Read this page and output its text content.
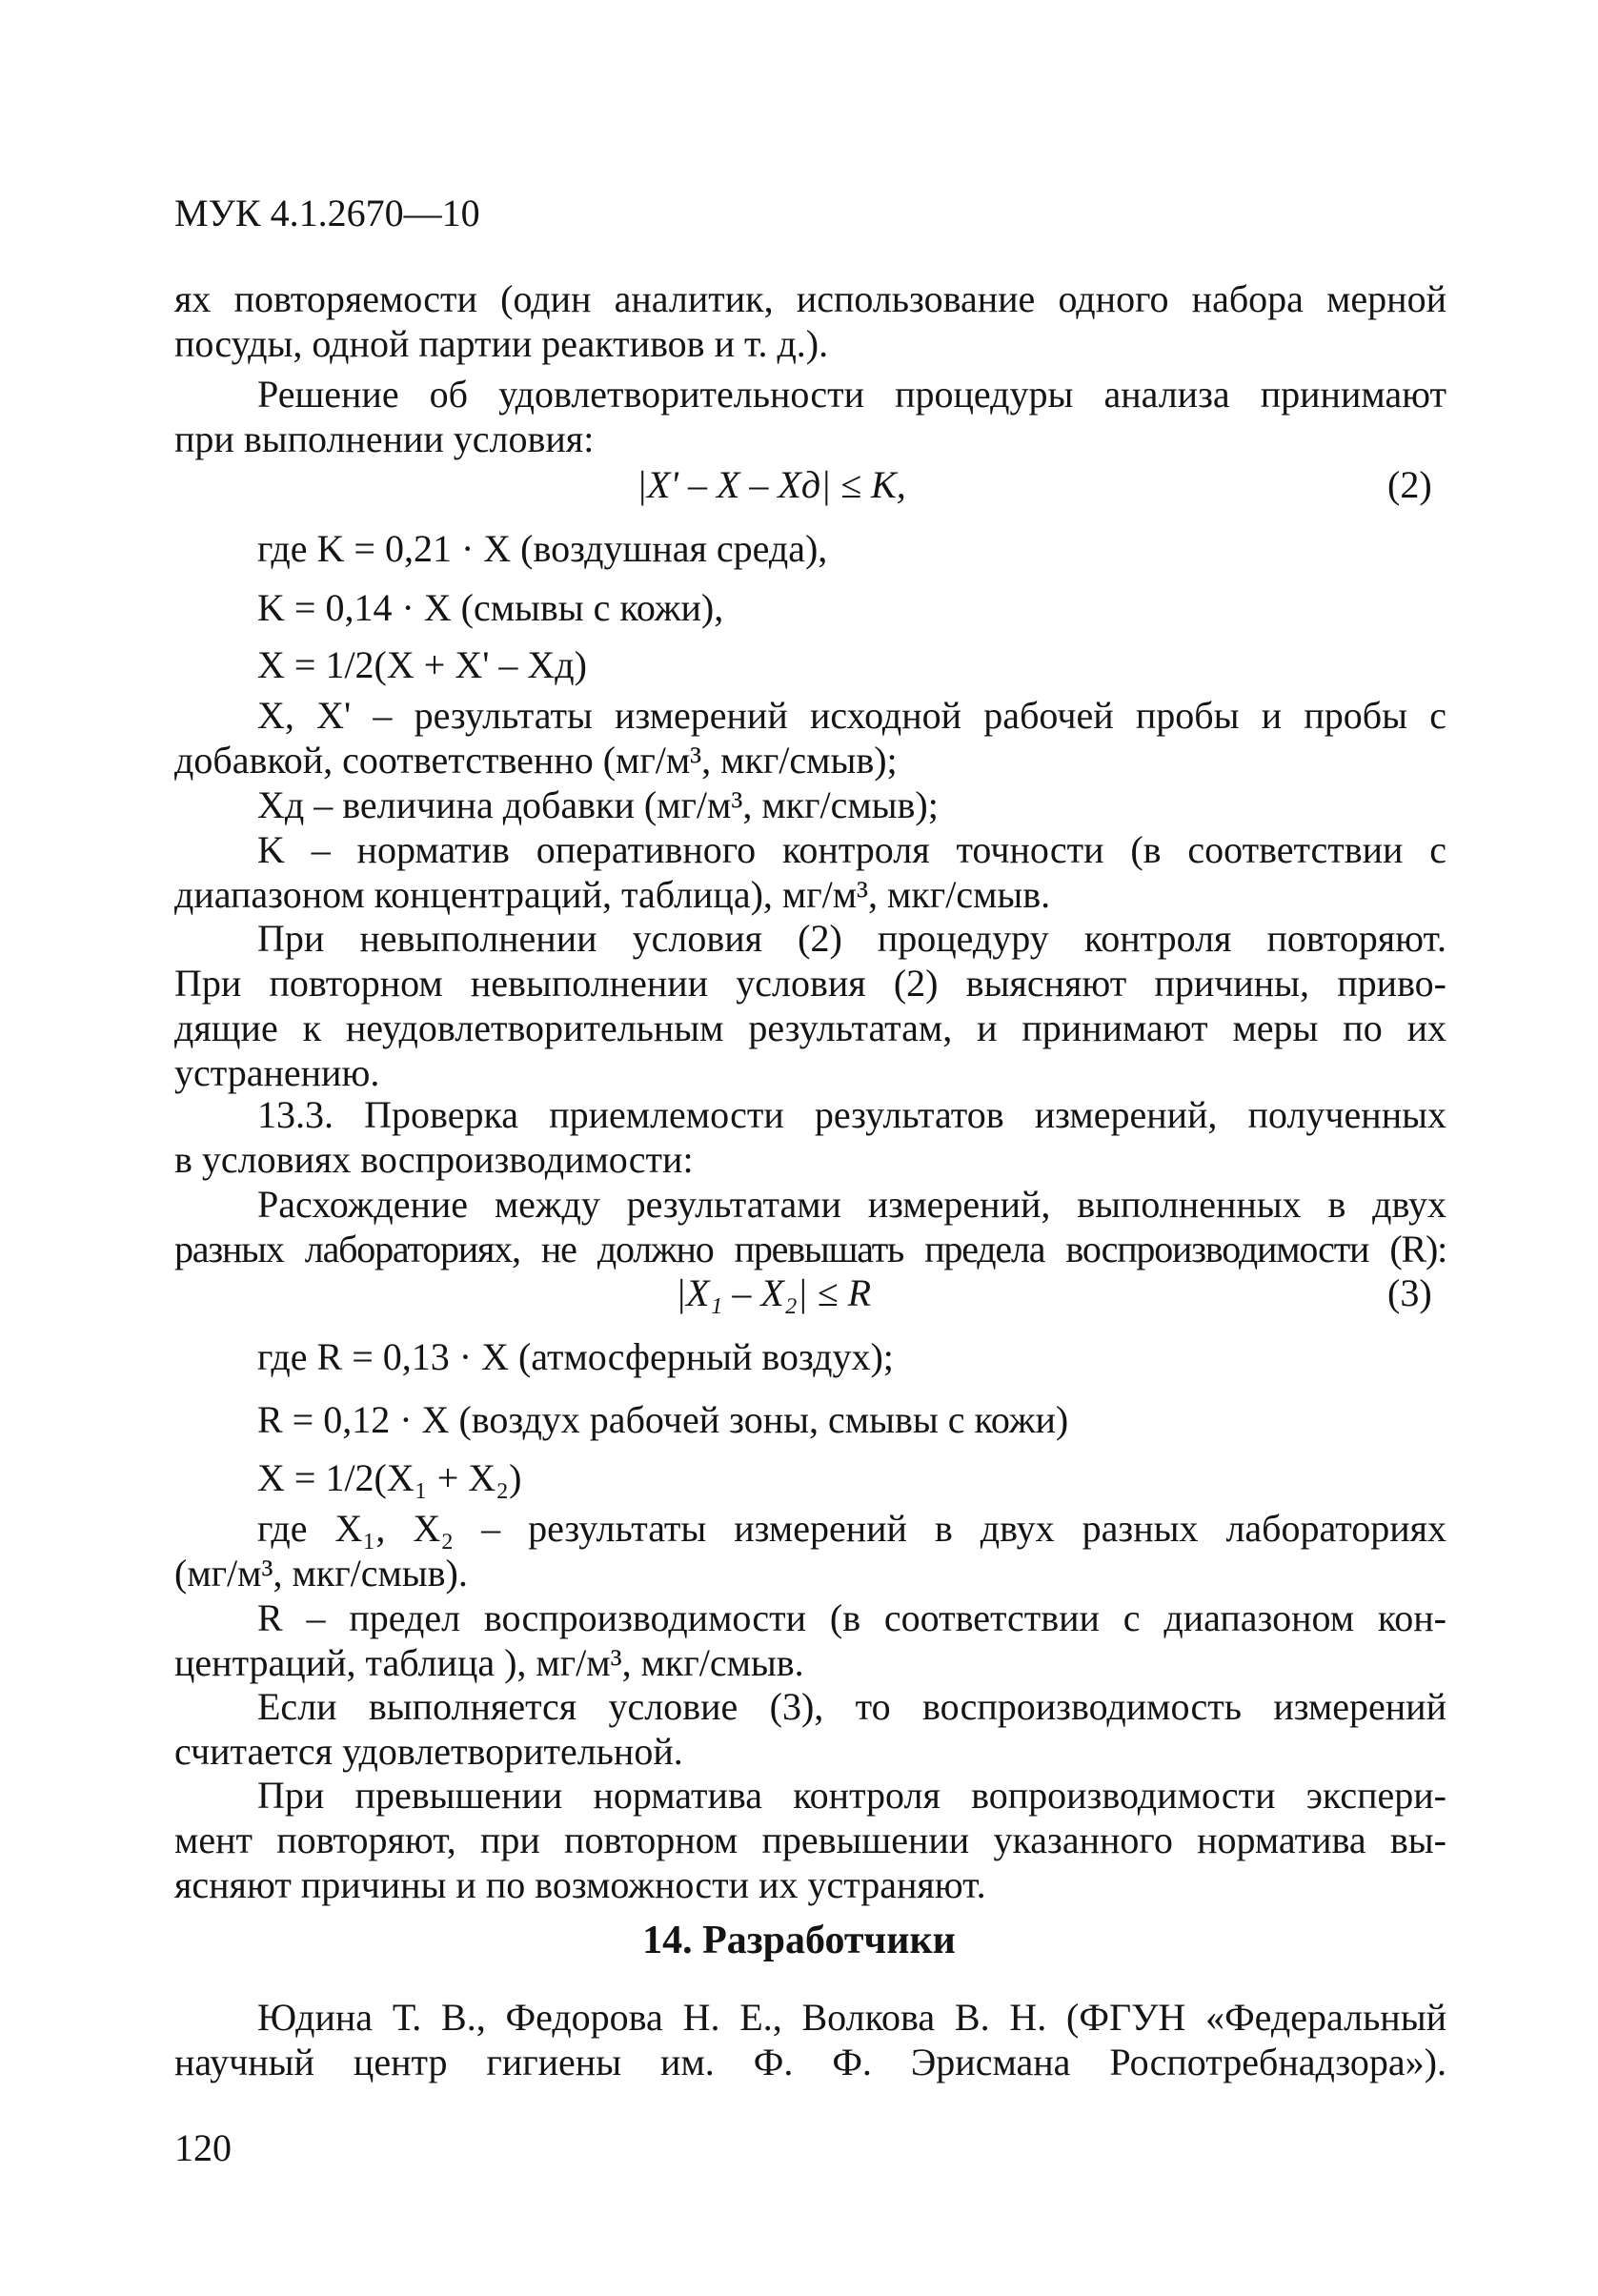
МУК 4.1.2670—10
ях повторяемости (один аналитик, использование одного набора мерной
посуды, одной партии реактивов и т. д.).
Решение об удовлетворительности процедуры анализа принимают
при выполнении условия:
|X' – X – Xд| ≤ K,	(2)
где K = 0,21 · X (воздушная среда),
K = 0,14 · X (смывы с кожи),
X = 1/2(X + X' – Xд)
X, X' – результаты измерений исходной рабочей пробы и пробы с
добавкой, соответственно (мг/м³, мкг/смыв);
Xд – величина добавки (мг/м³, мкг/смыв);
K – норматив оперативного контроля точности (в соответствии с
диапазоном концентраций, таблица), мг/м³, мкг/смыв.
При невыполнении условия (2) процедуру контроля повторяют.
При повторном невыполнении условия (2) выясняют причины, приво-
дящие к неудовлетворительным результатам, и принимают меры по их
устранению.
13.3. Проверка приемлемости результатов измерений, полученных
в условиях воспроизводимости:
Расхождение между результатами измерений, выполненных в двух
разных лабораториях, не должно превышать предела воспроизводимости (R):
|X₁ – X₂| ≤ R	(3)
где R = 0,13 · X (атмосферный воздух);
R = 0,12 · X (воздух рабочей зоны, смывы с кожи)
X = 1/2(X₁ + X₂)
где X₁, X₂ – результаты измерений в двух разных лабораториях
(мг/м³, мкг/смыв).
R – предел воспроизводимости (в соответствии с диапазоном кон-
центраций, таблица ), мг/м³, мкг/смыв.
Если выполняется условие (3), то воспроизводимость измерений
считается удовлетворительной.
При превышении норматива контроля вопроизводимости экспери-
мент повторяют, при повторном превышении указанного норматива вы-
ясняют причины и по возможности их устраняют.
14. Разработчики
Юдина Т. В., Федорова Н. Е., Волкова В. Н. (ФГУН «Федеральный
научный центр гигиены им. Ф. Ф. Эрисмана Роспотребнадзора»).
120
